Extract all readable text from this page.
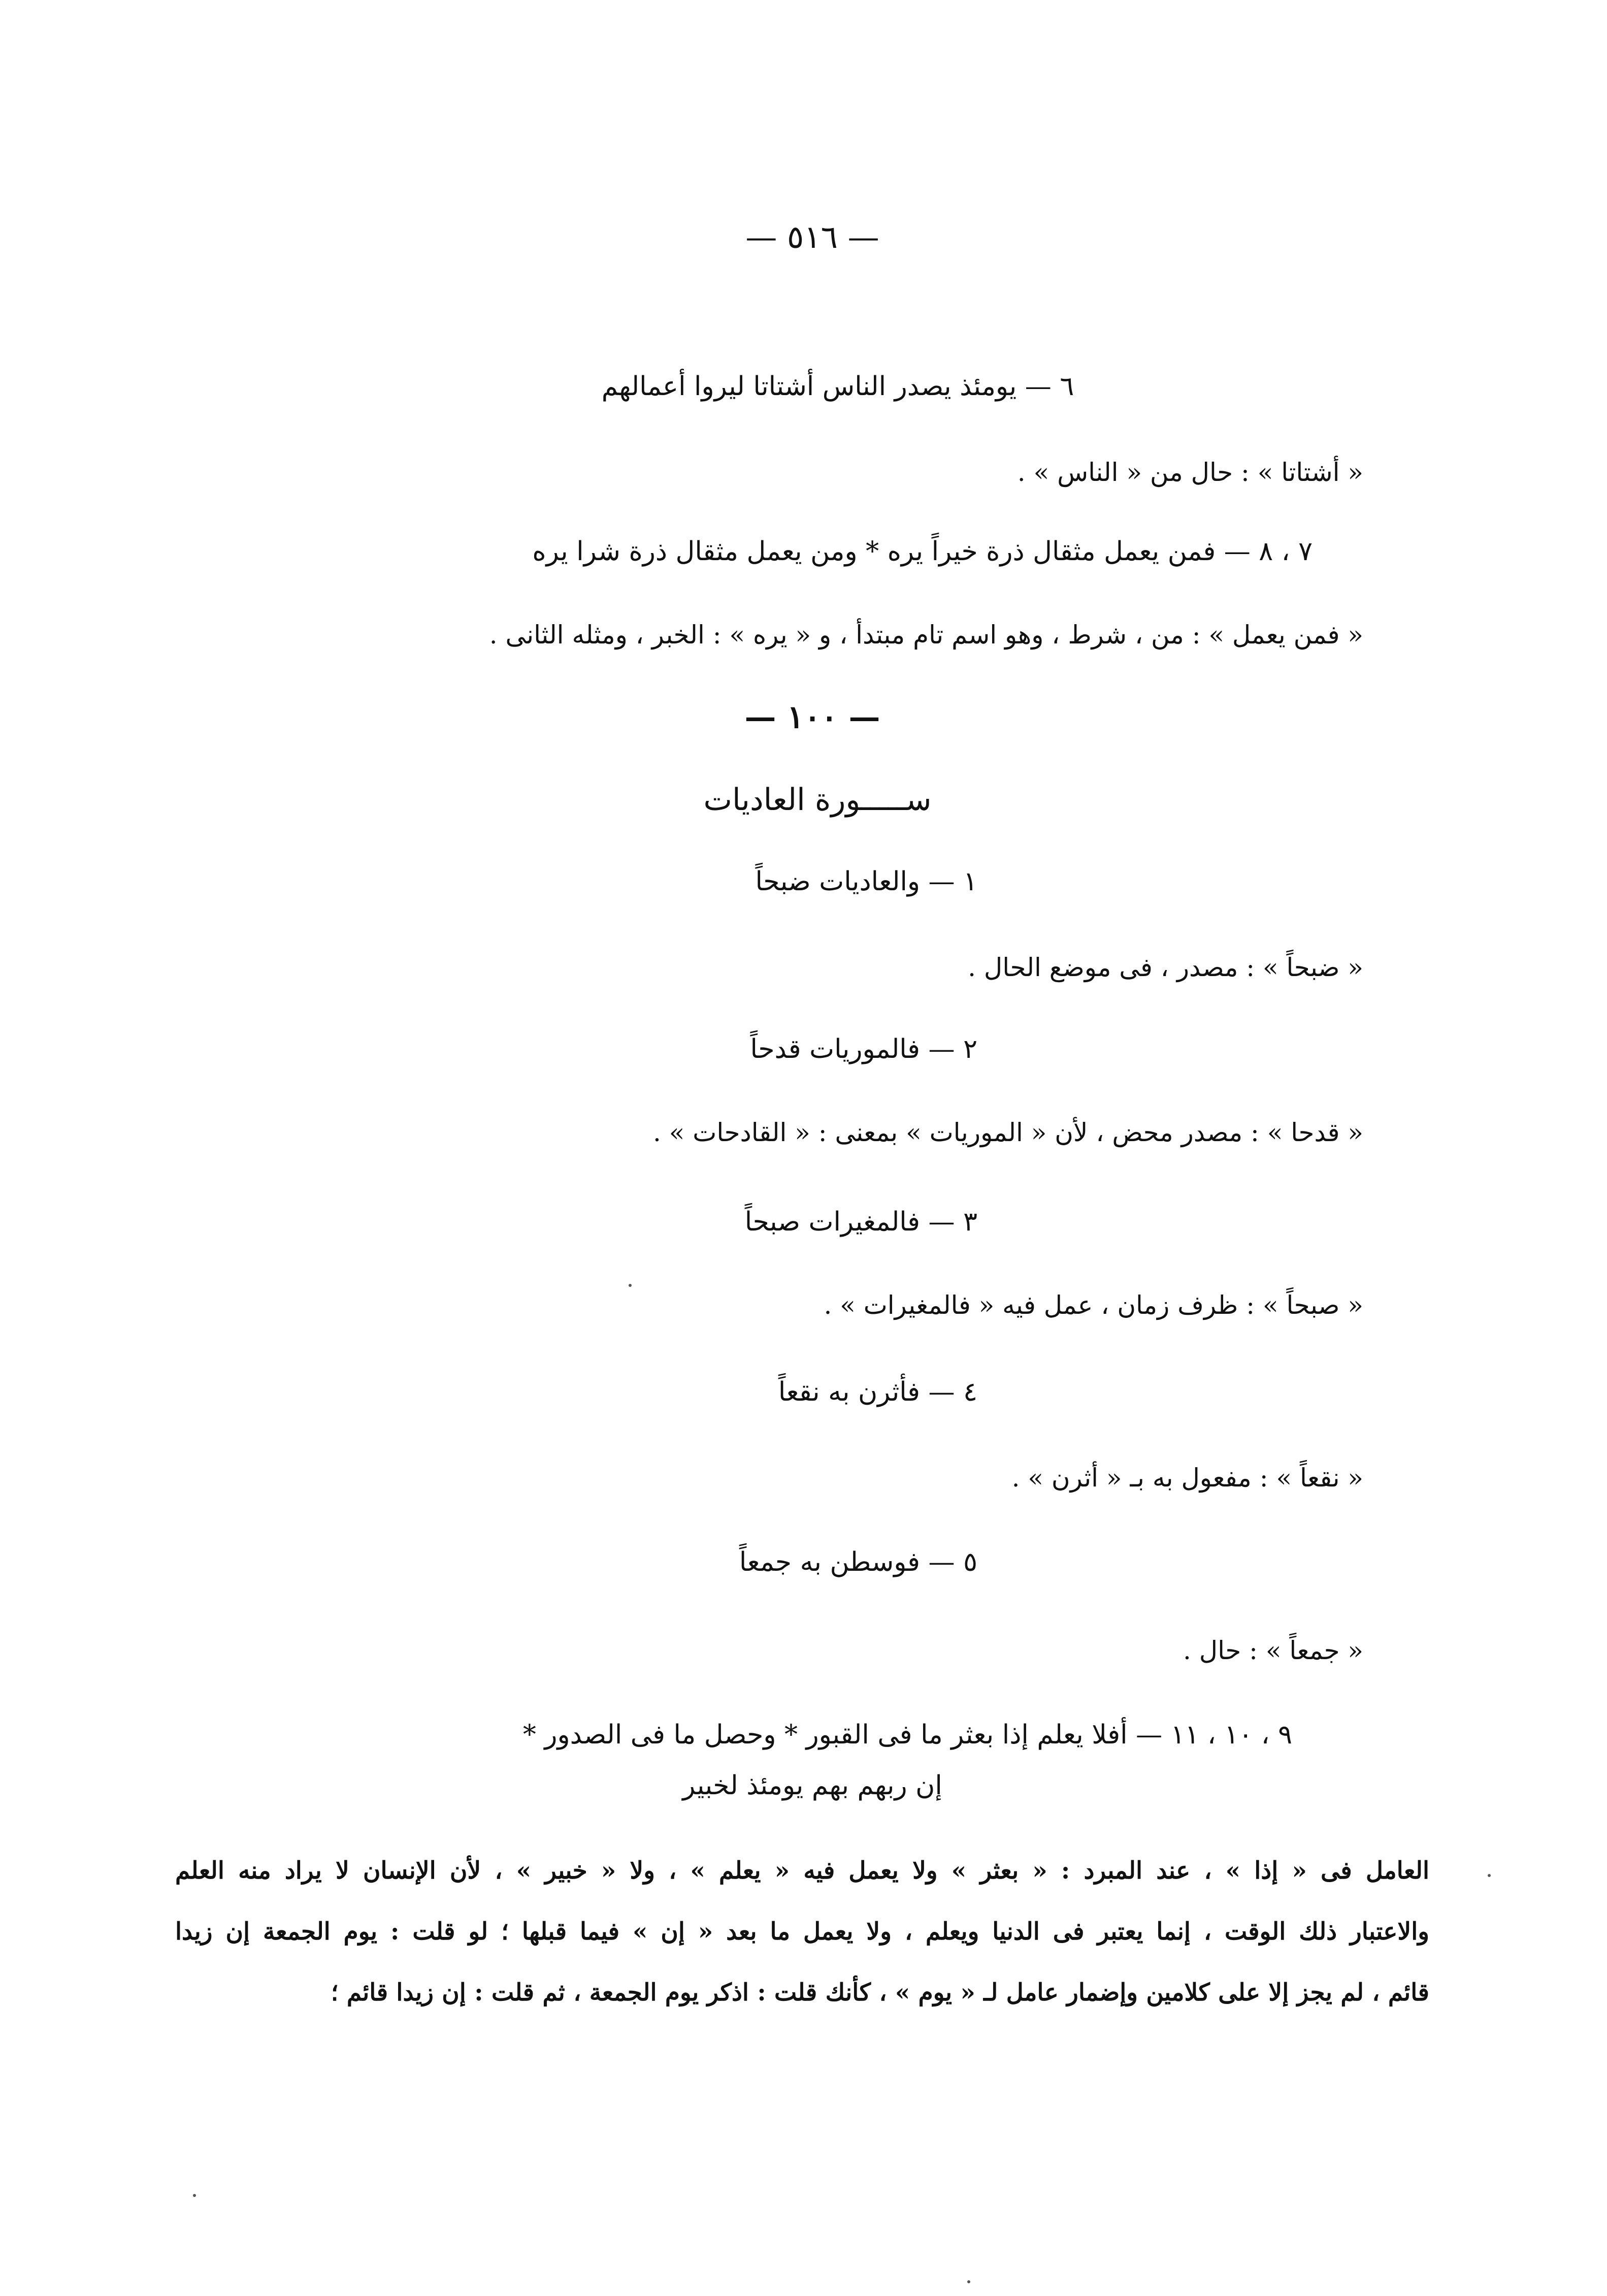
— ٥١٦ —
٦ — يومئذ يصدر الناس أشتاتا ليروا أعمالهم
« أشتاتا » : حال من « الناس » .
٧ ، ٨ — فمن يعمل مثقال ذرة خيراً يره * ومن يعمل مثقال ذرة شرا يره
« فمن يعمل » : من ، شرط ، وهو اسم تام مبتدأ ، و « يره » : الخبر ، ومثله الثانى .
— ١٠٠ —
ســـــورة العاديات
١ — والعاديات ضبحاً
« ضبحاً » : مصدر ، فى موضع الحال .
٢ — فالموريات قدحاً
« قدحا » : مصدر محض ، لأن « الموريات » بمعنى : « القادحات » .
٣ — فالمغيرات صبحاً
« صبحاً » : ظرف زمان ، عمل فيه « فالمغيرات » .
٤ — فأثرن به نقعاً
« نقعاً » : مفعول به بـ « أثرن » .
٥ — فوسطن به جمعاً
« جمعاً » : حال .
٩ ، ١٠ ، ١١ — أفلا يعلم إذا بعثر ما فى القبور * وحصل ما فى الصدور *
إن ربهم بهم يومئذ لخبير
العامل فى « إذا » ، عند المبرد : « بعثر » ولا يعمل فيه « يعلم » ، ولا « خبير » ، لأن الإنسان لا يراد منه العلم
والاعتبار ذلك الوقت ، إنما يعتبر فى الدنيا ويعلم ، ولا يعمل ما بعد « إن » فيما قبلها ؛ لو قلت : يوم الجمعة إن زيدا
قائم ، لم يجز إلا على كلامين وإضمار عامل لـ « يوم » ، كأنك قلت : اذكر يوم الجمعة ، ثم قلت : إن زيدا قائم ؛
